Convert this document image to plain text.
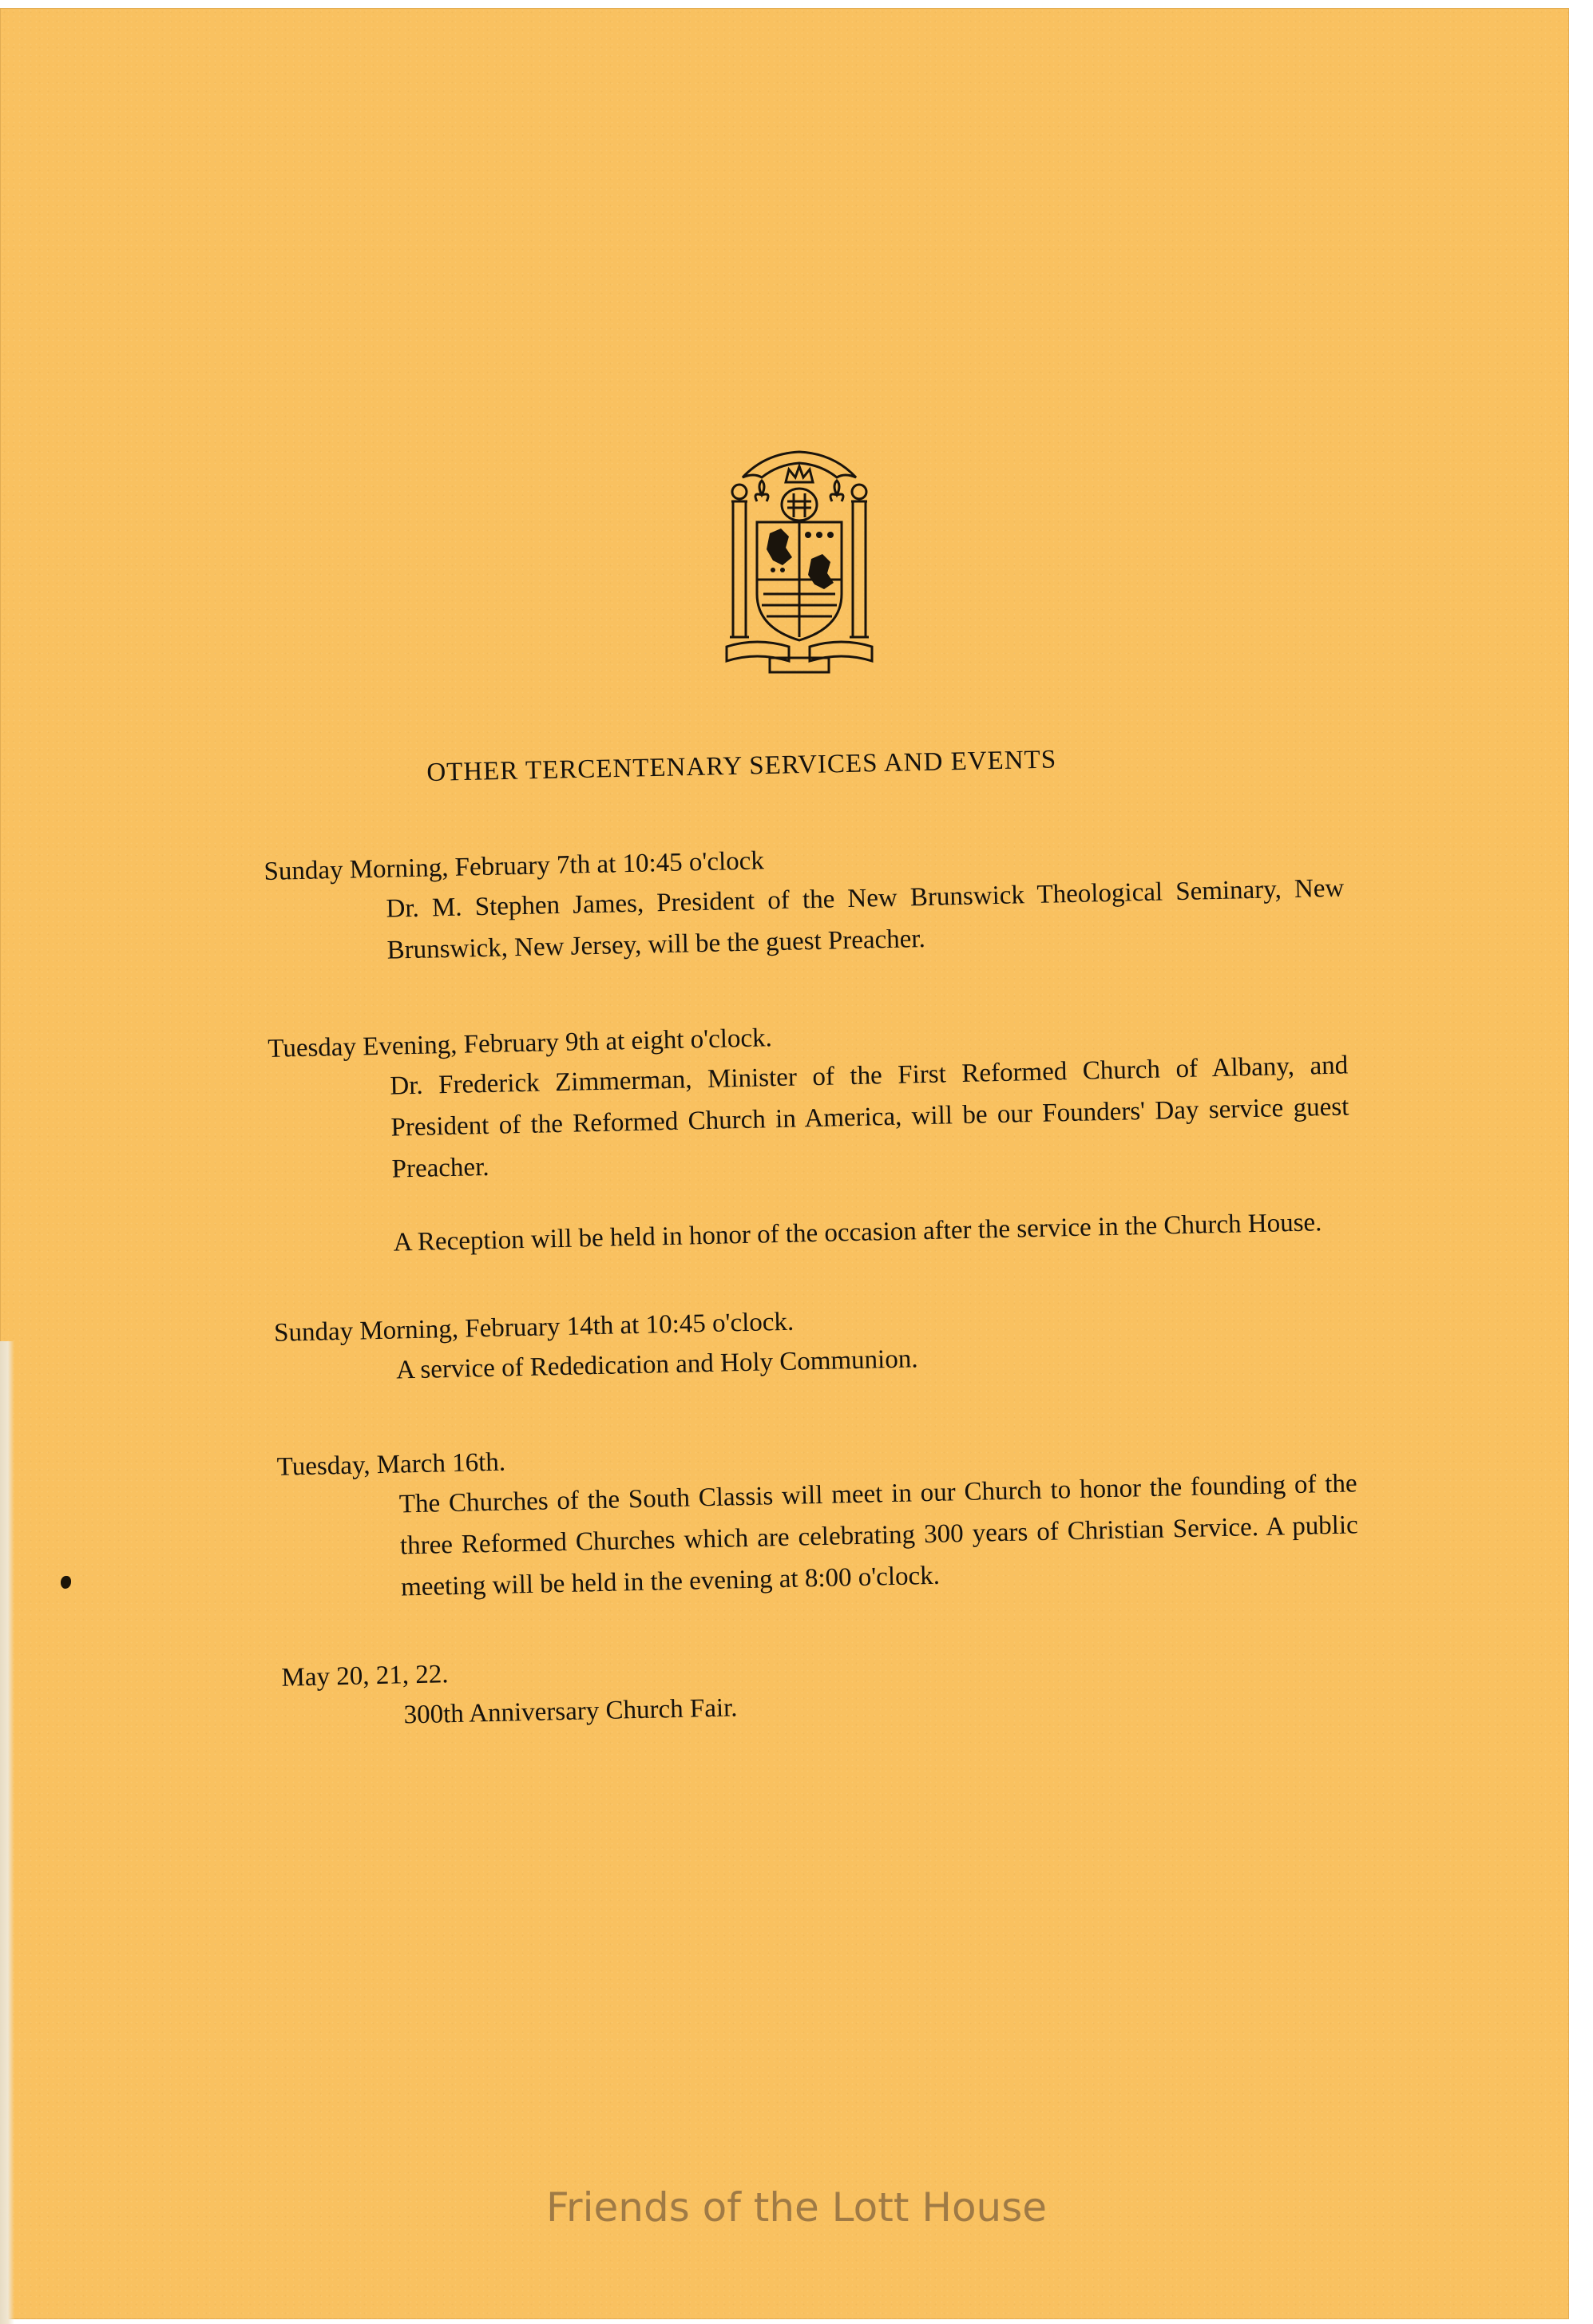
OTHER TERCENTENARY SERVICES AND EVENTS
Sunday Morning, February 7th at 10:45 o'clock

Dr. M. Stephen James, President of the New Brunswick Theological Seminary, New Brunswick, New Jersey, will be the guest Preacher.

Tuesday Evening, February 9th at eight o'clock.

Dr. Frederick Zimmerman, Minister of the First Reformed Church of Albany, and President of the Reformed Church in America, will be our Founders' Day service guest Preacher.

A Reception will be held in honor of the occasion after the service in the Church House.

Sunday Morning, February 14th at 10:45 o'clock.

A service of Rededication and Holy Communion.

Tuesday, March 16th.

The Churches of the South Classis will meet in our Church to honor the founding of the three Reformed Churches which are celebrating 300 years of Christian Service. A public meeting will be held in the evening at 8:00 o'clock.

May 20, 21, 22.

300th Anniversary Church Fair.

Friends of the Lott House
